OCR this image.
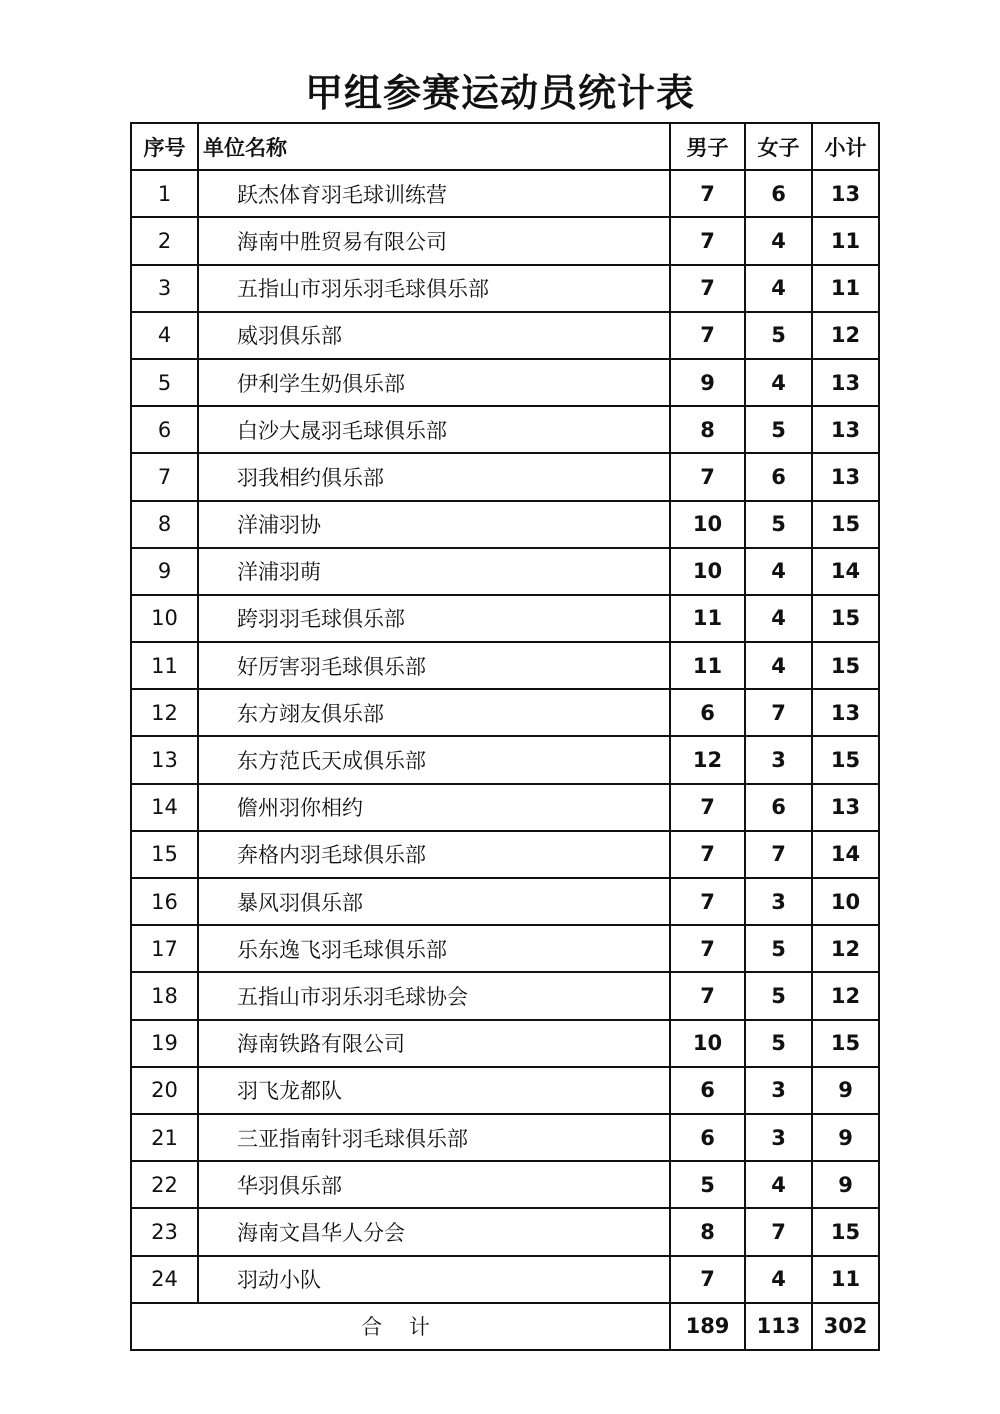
甲组参赛运动员统计表
序号	单位名称	男子	女子	小计
1	跃杰体育羽毛球训练营	7	6	13
2	海南中胜贸易有限公司	7	4	11
3	五指山市羽乐羽毛球俱乐部	7	4	11
4	威羽俱乐部	7	5	12
5	伊利学生奶俱乐部	9	4	13
6	白沙大晟羽毛球俱乐部	8	5	13
7	羽我相约俱乐部	7	6	13
8	洋浦羽协	10	5	15
9	洋浦羽萌	10	4	14
10	跨羽羽毛球俱乐部	11	4	15
11	好厉害羽毛球俱乐部	11	4	15
12	东方翊友俱乐部	6	7	13
13	东方范氏天成俱乐部	12	3	15
14	儋州羽你相约	7	6	13
15	奔格内羽毛球俱乐部	7	7	14
16	暴风羽俱乐部	7	3	10
17	乐东逸飞羽毛球俱乐部	7	5	12
18	五指山市羽乐羽毛球协会	7	5	12
19	海南铁路有限公司	10	5	15
20	羽飞龙都队	6	3	9
21	三亚指南针羽毛球俱乐部	6	3	9
22	华羽俱乐部	5	4	9
23	海南文昌华人分会	8	7	15
24	羽动小队	7	4	11
合 计		189	113	302
